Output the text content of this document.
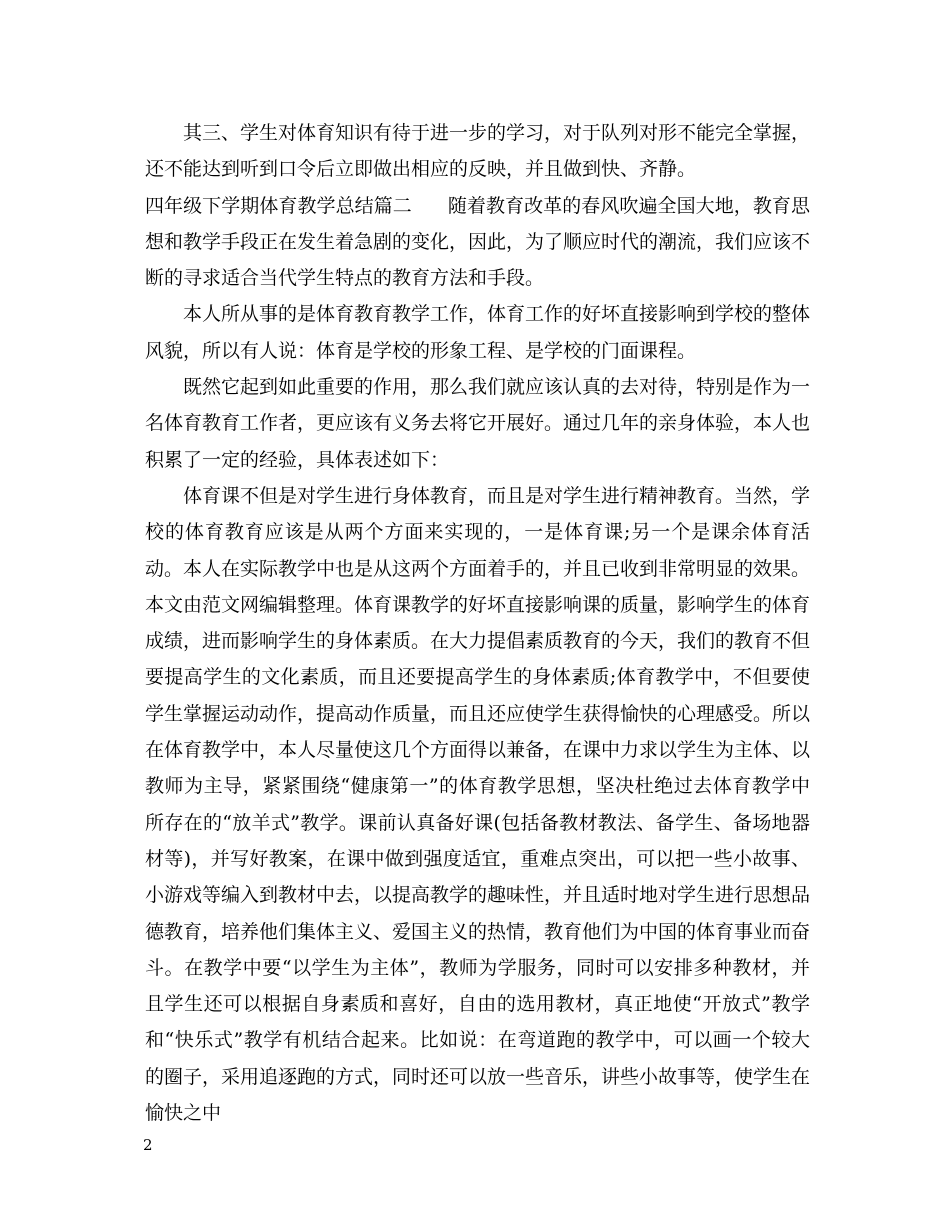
其三、学生对体育知识有待于进一步的学习，对于队列对形不能完全掌握，还不能达到听到口令后立即做出相应的反映，并且做到快、齐静。

四年级下学期体育教学总结篇二 随着教育改革的春风吹遍全国大地，教育思想和教学手段正在发生着急剧的变化，因此，为了顺应时代的潮流，我们应该不断的寻求适合当代学生特点的教育方法和手段。

本人所从事的是体育教育教学工作，体育工作的好坏直接影响到学校的整体风貌，所以有人说：体育是学校的形象工程、是学校的门面课程。

既然它起到如此重要的作用，那么我们就应该认真的去对待，特别是作为一名体育教育工作者，更应该有义务去将它开展好。通过几年的亲身体验，本人也积累了一定的经验，具体表述如下：

体育课不但是对学生进行身体教育，而且是对学生进行精神教育。当然，学校的体育教育应该是从两个方面来实现的，一是体育课;另一个是课余体育活动。本人在实际教学中也是从这两个方面着手的，并且已收到非常明显的效果。本文由范文网编辑整理。体育课教学的好坏直接影响课的质量，影响学生的体育成绩，进而影响学生的身体素质。在大力提倡素质教育的今天，我们的教育不但要提高学生的文化素质，而且还要提高学生的身体素质;体育教学中，不但要使学生掌握运动动作，提高动作质量，而且还应使学生获得愉快的心理感受。所以在体育教学中，本人尽量使这几个方面得以兼备，在课中力求以学生为主体、以教师为主导，紧紧围绕“健康第一”的体育教学思想，坚决杜绝过去体育教学中所存在的“放羊式”教学。课前认真备好课(包括备教材教法、备学生、备场地器材等)，并写好教案，在课中做到强度适宜，重难点突出，可以把一些小故事、小游戏等编入到教材中去，以提高教学的趣味性，并且适时地对学生进行思想品德教育，培养他们集体主义、爱国主义的热情，教育他们为中国的体育事业而奋斗。在教学中要“以学生为主体”，教师为学服务，同时可以安排多种教材，并且学生还可以根据自身素质和喜好，自由的选用教材，真正地使“开放式”教学和“快乐式”教学有机结合起来。比如说：在弯道跑的教学中，可以画一个较大的圈子，采用追逐跑的方式，同时还可以放一些音乐，讲些小故事等，使学生在愉快之中

2
